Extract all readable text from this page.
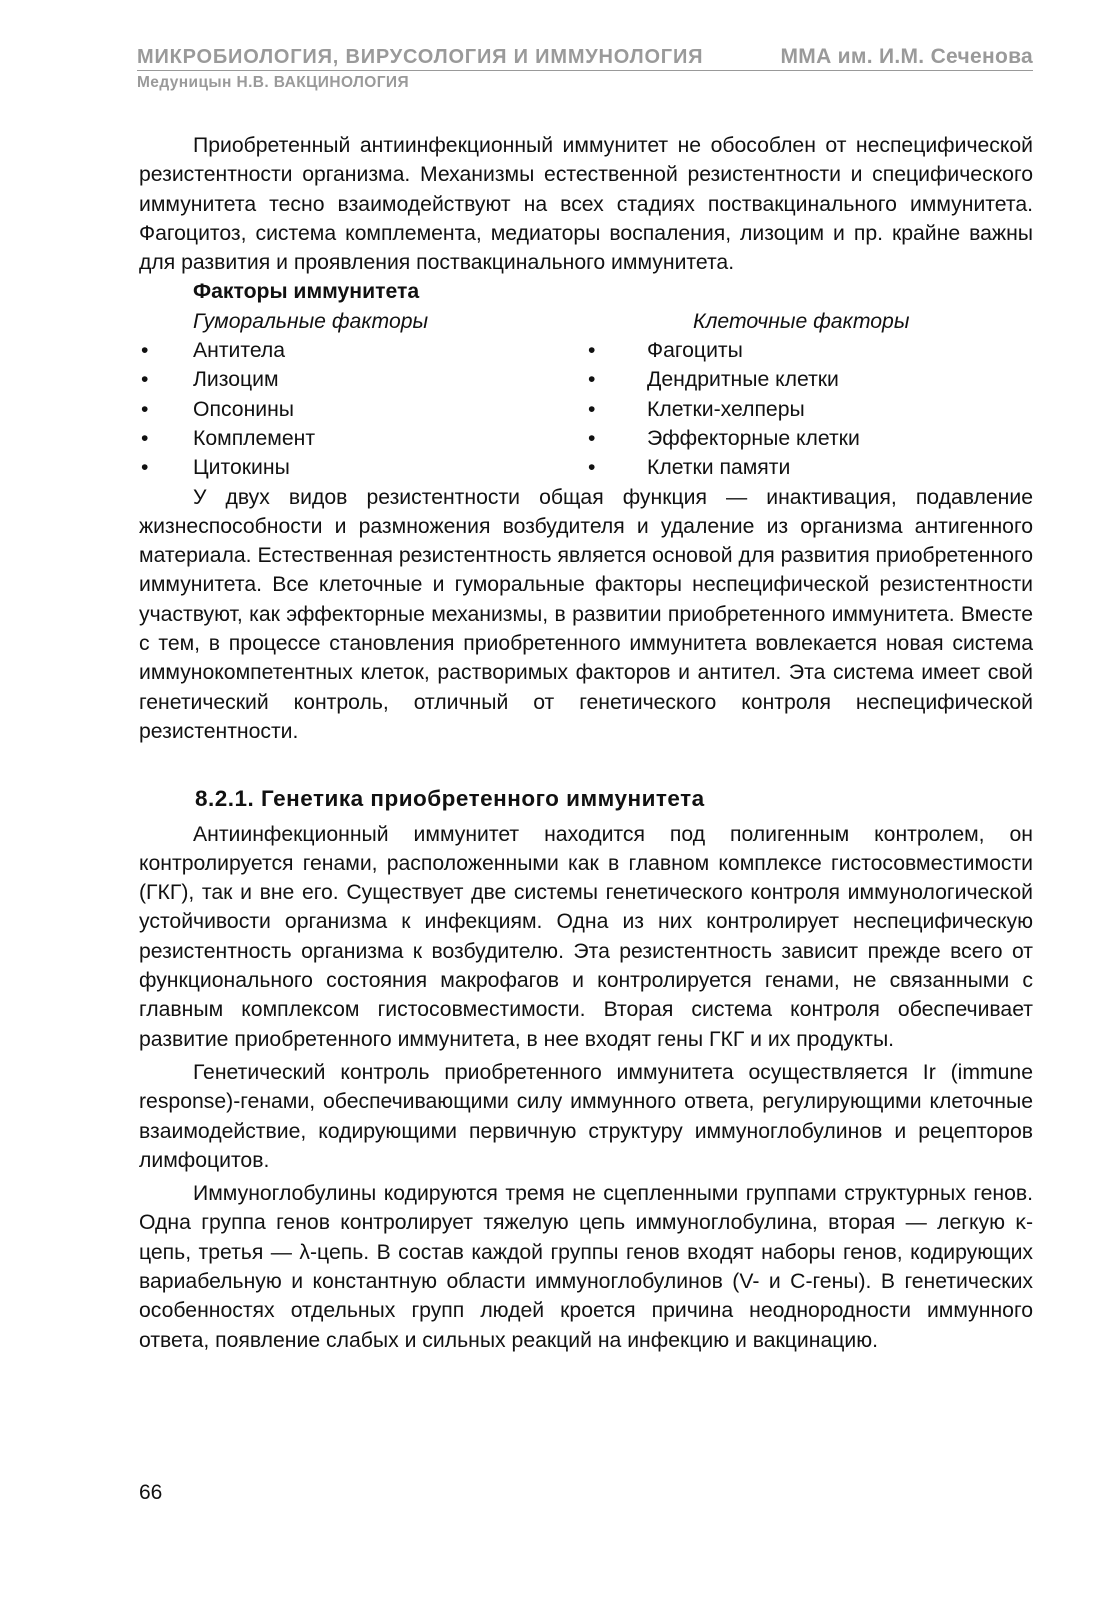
МИКРОБИОЛОГИЯ, ВИРУСОЛОГИЯ И ИММУНОЛОГИЯ	ММА им. И.М. Сеченова
Медуницын Н.В. ВАКЦИНОЛОГИЯ

Приобретенный антиинфекционный иммунитет не обособлен от неспецифической резистентности организма. Механизмы естественной резистентности и специфического иммунитета тесно взаимодействуют на всех стадиях поствакцинального иммунитета. Фагоцитоз, система комплемента, медиаторы воспаления, лизоцим и пр. крайне важны для развития и проявления поствакцинального иммунитета.

Факторы иммунитета
Гуморальные факторы	Клеточные факторы
•	Антитела	•	Фагоциты
•	Лизоцим	•	Дендритные клетки
•	Опсонины	•	Клетки-хелперы
•	Комплемент	•	Эффекторные клетки
•	Цитокины	•	Клетки памяти

У двух видов резистентности общая функция — инактивация, подавление жизнеспособности и размножения возбудителя и удаление из организма антигенного материала. Естественная резистентность является основой для развития приобретенного иммунитета. Все клеточные и гуморальные факторы неспецифической резистентности участвуют, как эффекторные механизмы, в развитии приобретенного иммунитета. Вместе с тем, в процессе становления приобретенного иммунитета вовлекается новая система иммунокомпетентных клеток, растворимых факторов и антител. Эта система имеет свой генетический контроль, отличный от генетического контроля неспецифической резистентности.

8.2.1. Генетика приобретенного иммунитета

Антиинфекционный иммунитет находится под полигенным контролем, он контролируется генами, расположенными как в главном комплексе гистосовместимости (ГКГ), так и вне его. Существует две системы генетического контроля иммунологической устойчивости организма к инфекциям. Одна из них контролирует неспецифическую резистентность организма к возбудителю. Эта резистентность зависит прежде всего от функционального состояния макрофагов и контролируется генами, не связанными с главным комплексом гистосовместимости. Вторая система контроля обеспечивает развитие приобретенного иммунитета, в нее входят гены ГКГ и их продукты.

Генетический контроль приобретенного иммунитета осуществляется Ir (immune response)-генами, обеспечивающими силу иммунного ответа, регулирующими клеточные взаимодействие, кодирующими первичную структуру иммуноглобулинов и рецепторов лимфоцитов.

Иммуноглобулины кодируются тремя не сцепленными группами структурных генов. Одна группа генов контролирует тяжелую цепь иммуноглобулина, вторая — легкую κ-цепь, третья — λ-цепь. В состав каждой группы генов входят наборы генов, кодирующих вариабельную и константную области иммуноглобулинов (V- и C-гены). В генетических особенностях отдельных групп людей кроется причина неоднородности иммунного ответа, появление слабых и сильных реакций на инфекцию и вакцинацию.

66
